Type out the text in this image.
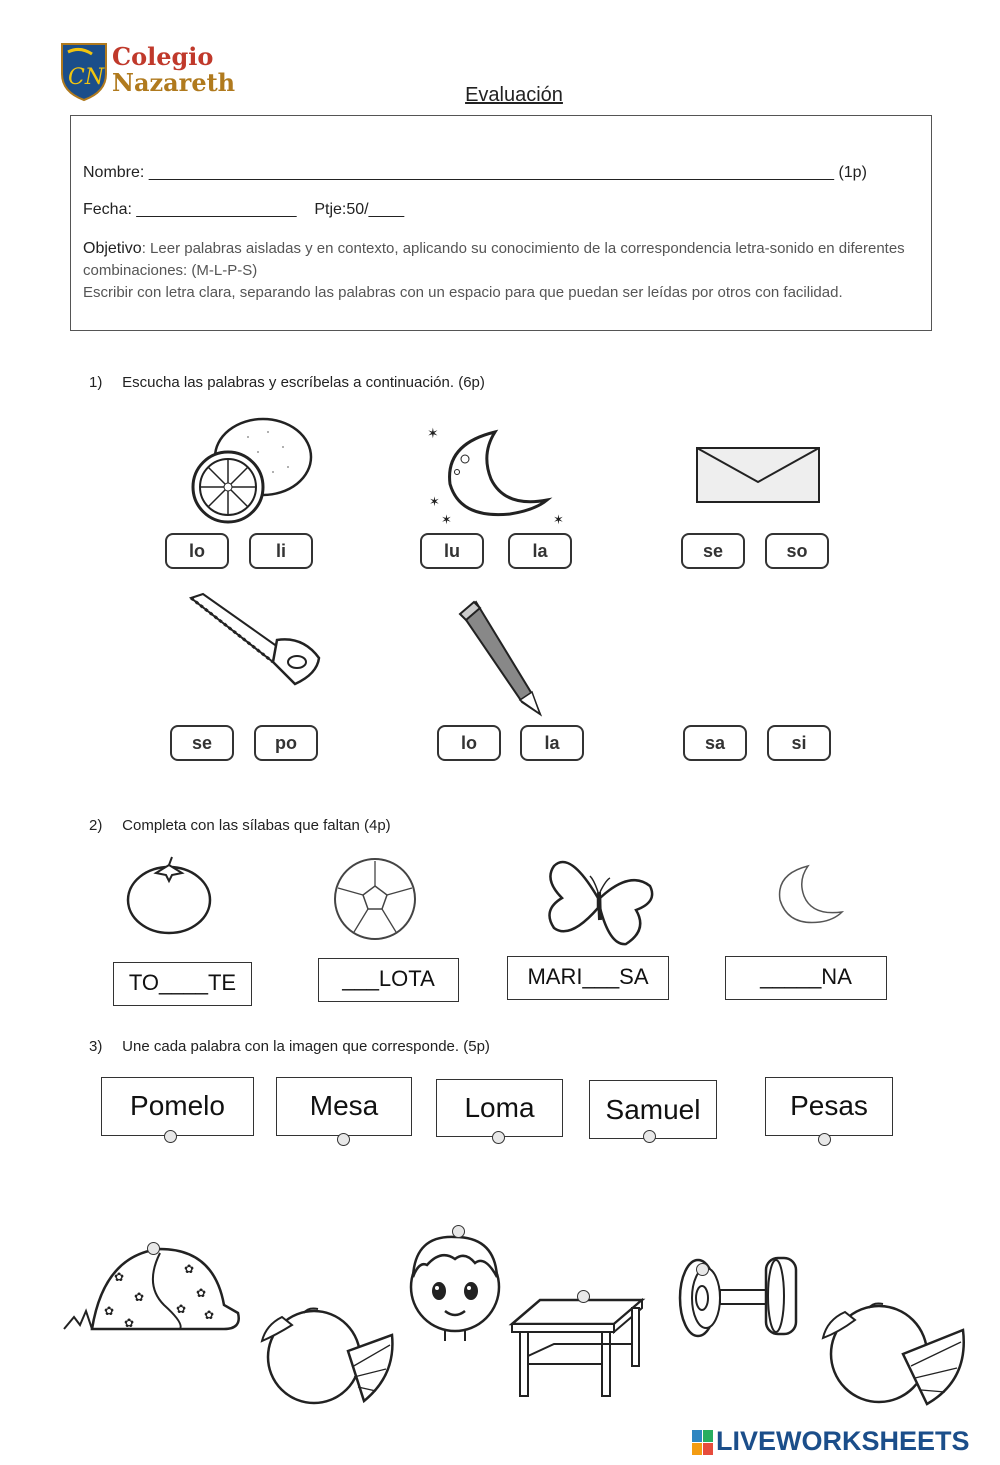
CN
Colegio
Nazareth	Evaluación
Nombre: _____________________________________________________________________________ (1p)
Fecha: __________________ Ptje:50/____
Objetivo: Leer palabras aisladas y en contexto, aplicando su conocimiento de la correspondencia letra-sonido en diferentes combinaciones: (M-L-P-S)
Escribir con letra clara, separando las palabras con un espacio para que puedan ser leídas por otros con facilidad.
1) Escucha las palabras y escríbelas a continuación. (6p)
✶
✶
✶	✶
lo	li	lu	la	se	so
se	po	lo	la	sa	si
2) Completa con las sílabas que faltan (4p)
TO____TE	___LOTA	MARI___SA	_____NA
3) Une cada palabra con la imagen que corresponde. (5p)
Pomelo	Mesa	Loma	Samuel	Pesas
✿
✿
✿
✿
✿
✿
✿ ✿
LIVEWORKSHEETS
